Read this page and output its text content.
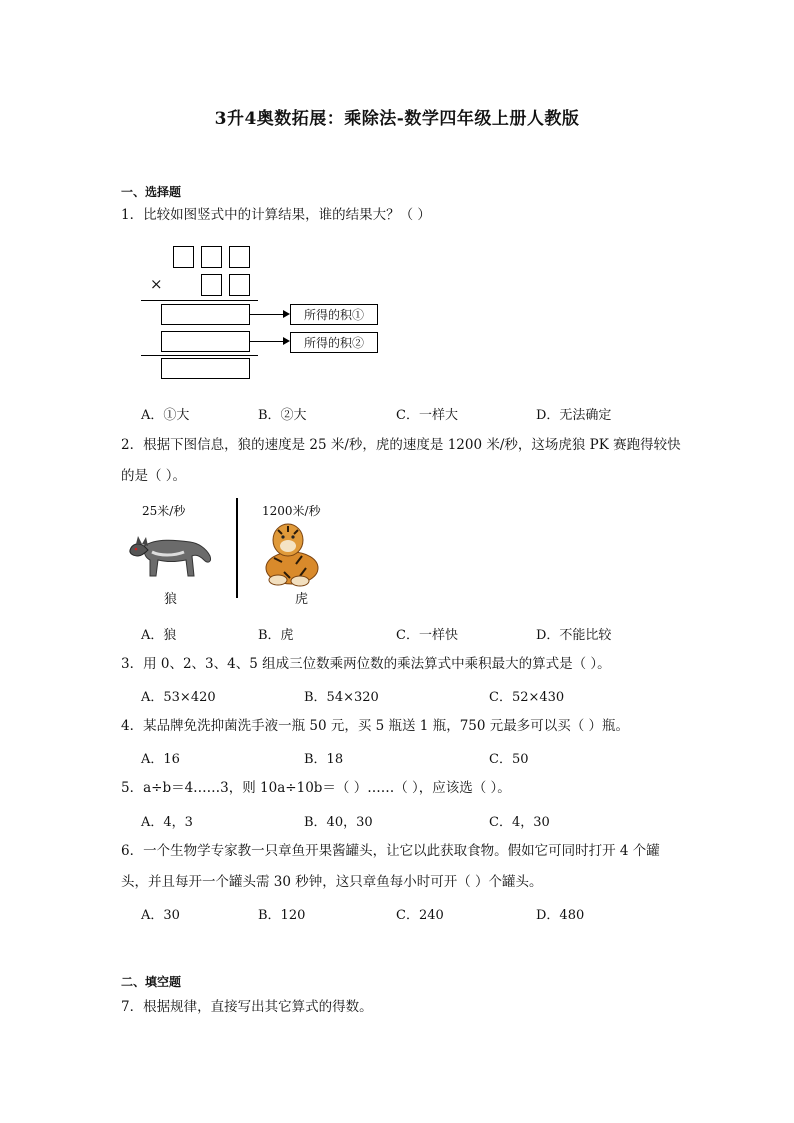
3升4奥数拓展：乘除法-数学四年级上册人教版
一、选择题
1．比较如图竖式中的计算结果，谁的结果大？（ ）
×
所得的积①
所得的积②
A．①大	B．②大	C．一样大	D．无法确定
2．根据下图信息，狼的速度是 25 米/秒，虎的速度是 1200 米/秒，这场虎狼 PK 赛跑得较快
的是（ ）。
25米/秒
狼
1200米/秒
虎
A．狼	B．虎	C．一样快	D．不能比较
3．用 0、2、3、4、5 组成三位数乘两位数的乘法算式中乘积最大的算式是（ ）。
A．53×420	B．54×320	C．52×430
4．某品牌免洗抑菌洗手液一瓶 50 元，买 5 瓶送 1 瓶，750 元最多可以买（ ）瓶。
A．16	B．18	C．50
5．a÷b＝4……3，则 10a÷10b＝（ ）……（ ），应该选（ ）。
A．4，3	B．40，30	C．4，30
6．一个生物学专家教一只章鱼开果酱罐头，让它以此获取食物。假如它可同时打开 4 个罐
头，并且每开一个罐头需 30 秒钟，这只章鱼每小时可开（ ）个罐头。
A．30	B．120	C．240	D．480
二、填空题
7．根据规律，直接写出其它算式的得数。
